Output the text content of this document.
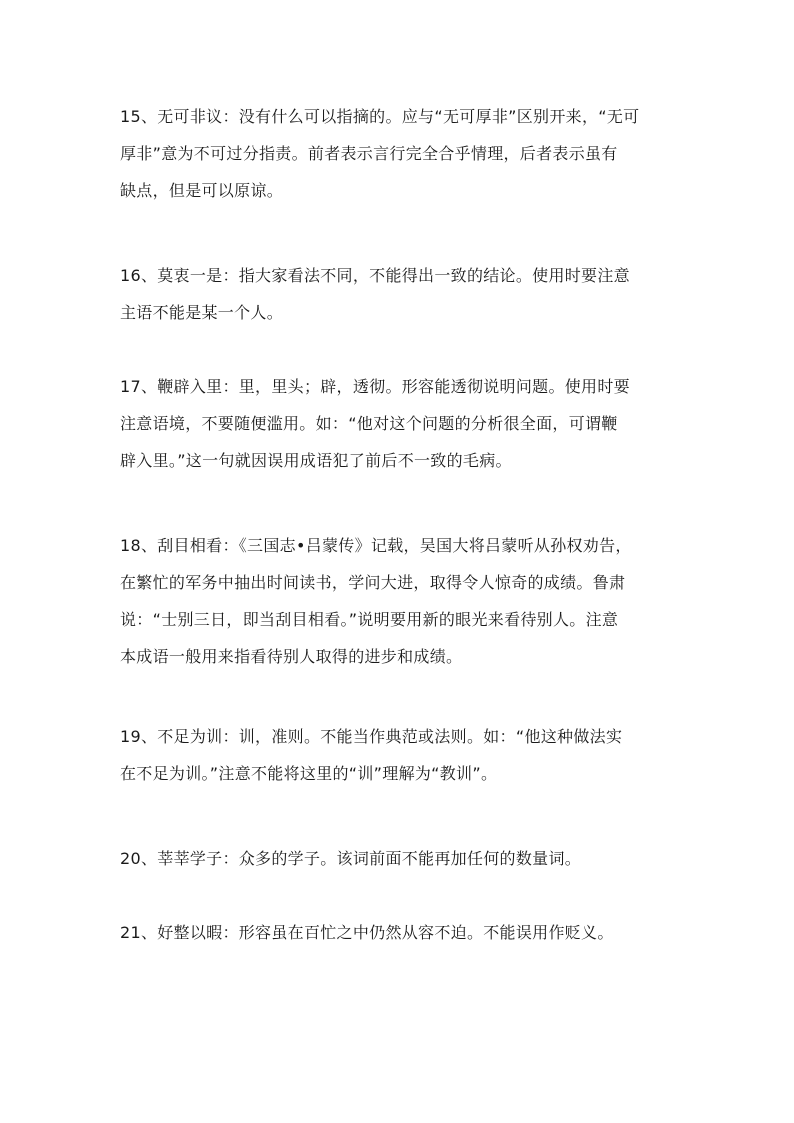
15、无可非议：没有什么可以指摘的。应与“无可厚非”区别开来，“无可
厚非”意为不可过分指责。前者表示言行完全合乎情理，后者表示虽有
缺点，但是可以原谅。
16、莫衷一是：指大家看法不同，不能得出一致的结论。使用时要注意
主语不能是某一个人。
17、鞭辟入里：里，里头；辟，透彻。形容能透彻说明问题。使用时要
注意语境，不要随便滥用。如：“他对这个问题的分析很全面，可谓鞭
辟入里。”这一句就因误用成语犯了前后不一致的毛病。
18、刮目相看：《三国志•吕蒙传》记载，吴国大将吕蒙听从孙权劝告，
在繁忙的军务中抽出时间读书，学问大进，取得令人惊奇的成绩。鲁肃
说：“士别三日，即当刮目相看。”说明要用新的眼光来看待别人。注意
本成语一般用来指看待别人取得的进步和成绩。
19、不足为训：训，准则。不能当作典范或法则。如：“他这种做法实
在不足为训。”注意不能将这里的“训”理解为“教训”。
20、莘莘学子：众多的学子。该词前面不能再加任何的数量词。
21、好整以暇：形容虽在百忙之中仍然从容不迫。不能误用作贬义。
